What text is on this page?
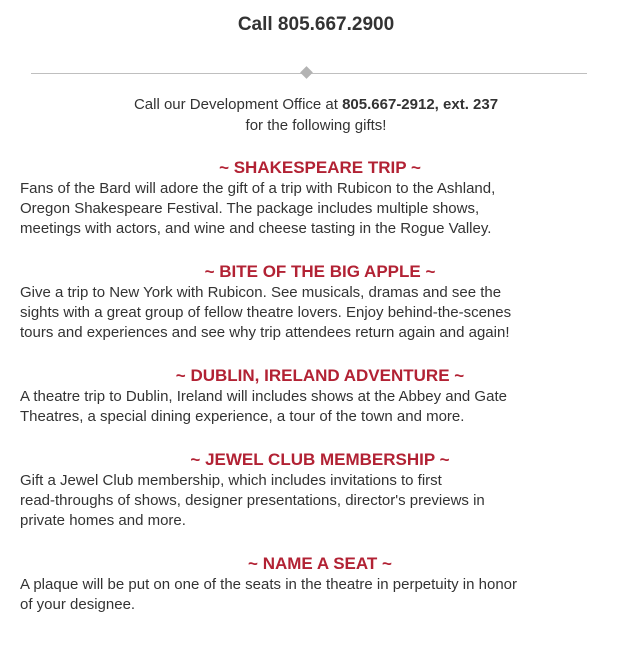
Call 805.667.2900
Call our Development Office at 805.667-2912, ext. 237
for the following gifts!
~ SHAKESPEARE TRIP ~
Fans of the Bard will adore the gift of a trip with Rubicon to the Ashland,
Oregon Shakespeare Festival. The package includes multiple shows,
meetings with actors, and wine and cheese tasting in the Rogue Valley.
~ BITE OF THE BIG APPLE ~
Give a trip to New York with Rubicon. See musicals, dramas and see the
sights with a great group of fellow theatre lovers. Enjoy behind-the-scenes
tours and experiences and see why trip attendees return again and again!
~ DUBLIN, IRELAND ADVENTURE ~
A theatre trip to Dublin, Ireland will includes shows at the Abbey and Gate
Theatres, a special dining experience, a tour of the town and more.
~ JEWEL CLUB MEMBERSHIP ~
Gift a Jewel Club membership, which includes invitations to first
read-throughs of shows, designer presentations, director's previews in
private homes and more.
~ NAME A SEAT ~
A plaque will be put on one of the seats in the theatre in perpetuity in honor
of your designee.
